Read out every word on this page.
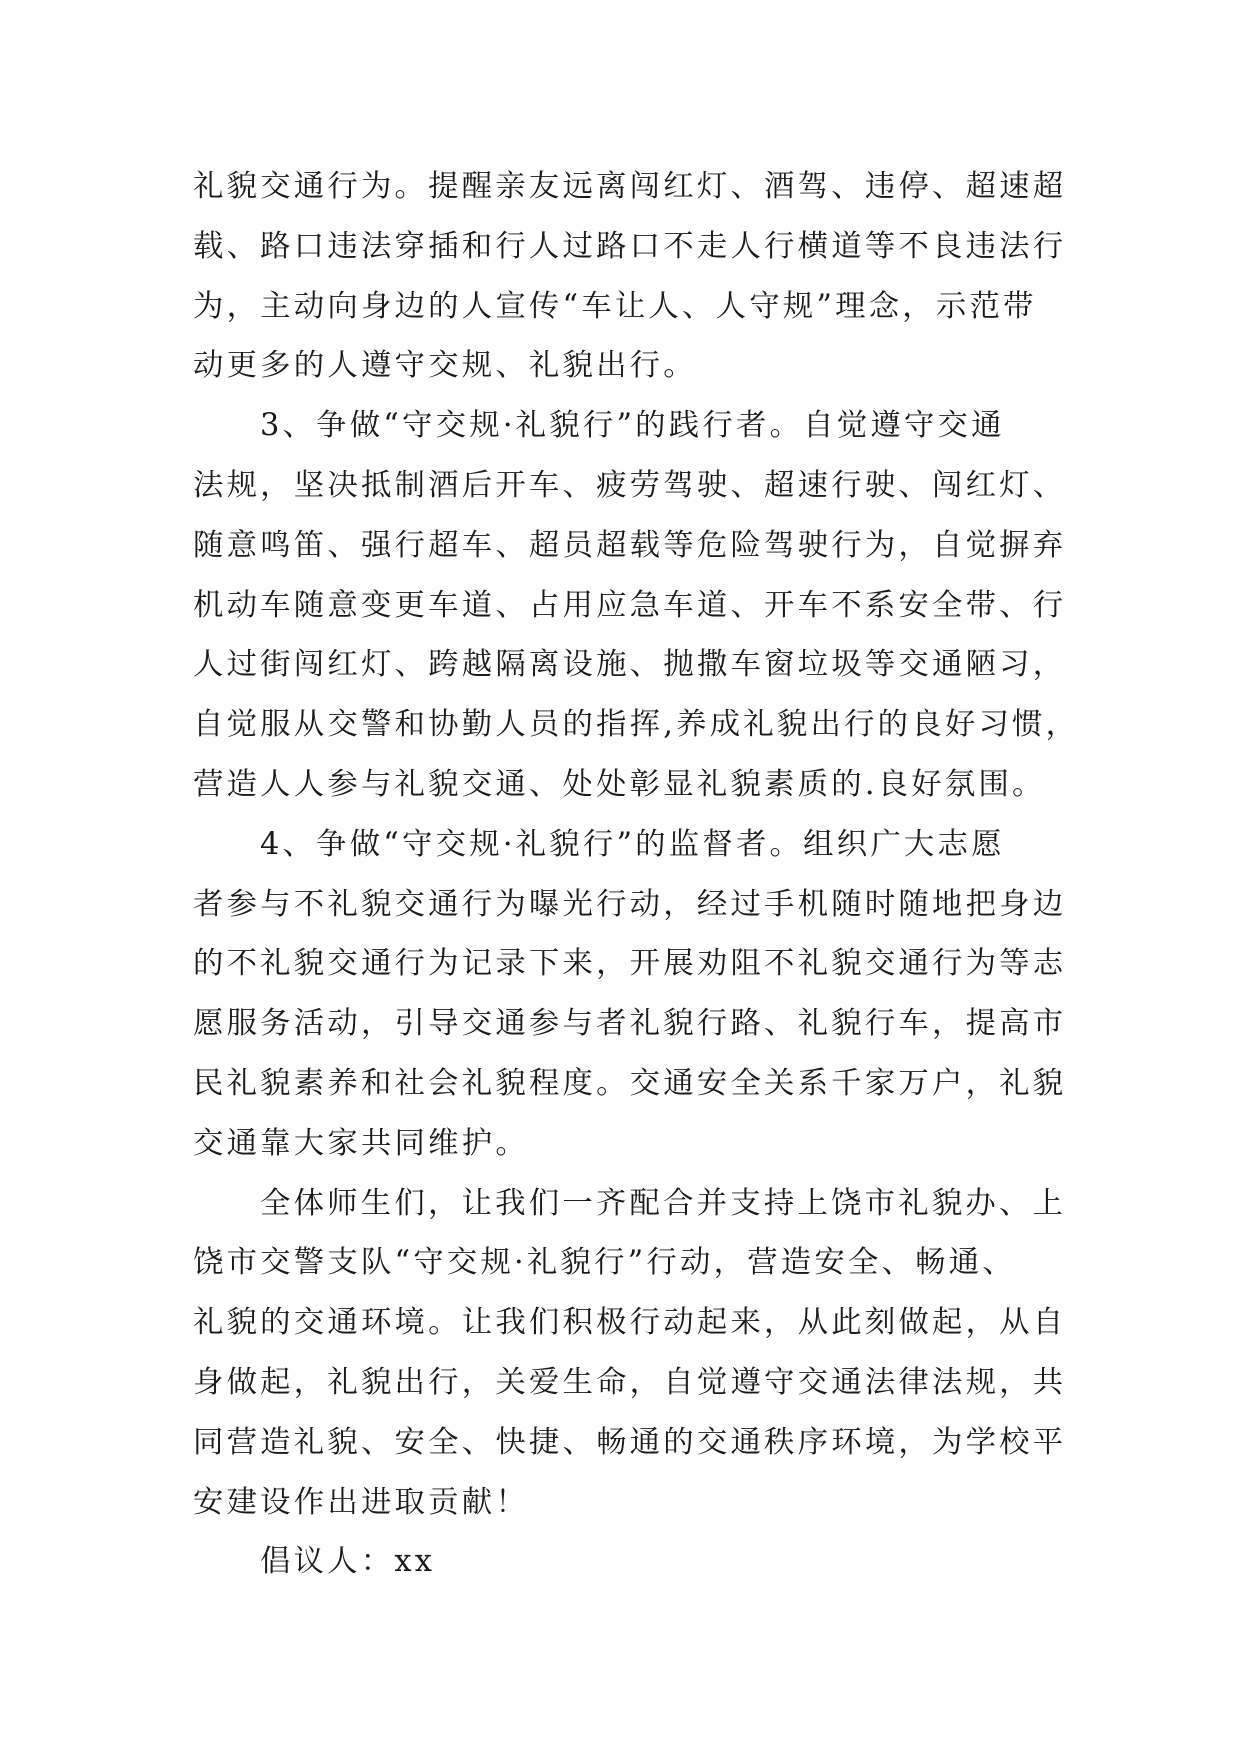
礼貌交通行为。提醒亲友远离闯红灯、酒驾、违停、超速超
载、路口违法穿插和行人过路口不走人行横道等不良违法行
为，主动向身边的人宣传“车让人、人守规”理念，示范带
动更多的人遵守交规、礼貌出行。
3、争做“守交规·礼貌行”的践行者。自觉遵守交通
法规，坚决抵制酒后开车、疲劳驾驶、超速行驶、闯红灯、
随意鸣笛、强行超车、超员超载等危险驾驶行为，自觉摒弃
机动车随意变更车道、占用应急车道、开车不系安全带、行
人过街闯红灯、跨越隔离设施、抛撒车窗垃圾等交通陋习，
自觉服从交警和协勤人员的指挥,养成礼貌出行的良好习惯，
营造人人参与礼貌交通、处处彰显礼貌素质的.良好氛围。
4、争做“守交规·礼貌行”的监督者。组织广大志愿
者参与不礼貌交通行为曝光行动，经过手机随时随地把身边
的不礼貌交通行为记录下来，开展劝阻不礼貌交通行为等志
愿服务活动，引导交通参与者礼貌行路、礼貌行车，提高市
民礼貌素养和社会礼貌程度。交通安全关系千家万户，礼貌
交通靠大家共同维护。
全体师生们，让我们一齐配合并支持上饶市礼貌办、上
饶市交警支队“守交规·礼貌行”行动，营造安全、畅通、
礼貌的交通环境。让我们积极行动起来，从此刻做起，从自
身做起，礼貌出行，关爱生命，自觉遵守交通法律法规，共
同营造礼貌、安全、快捷、畅通的交通秩序环境，为学校平
安建设作出进取贡献！
倡议人：xx
